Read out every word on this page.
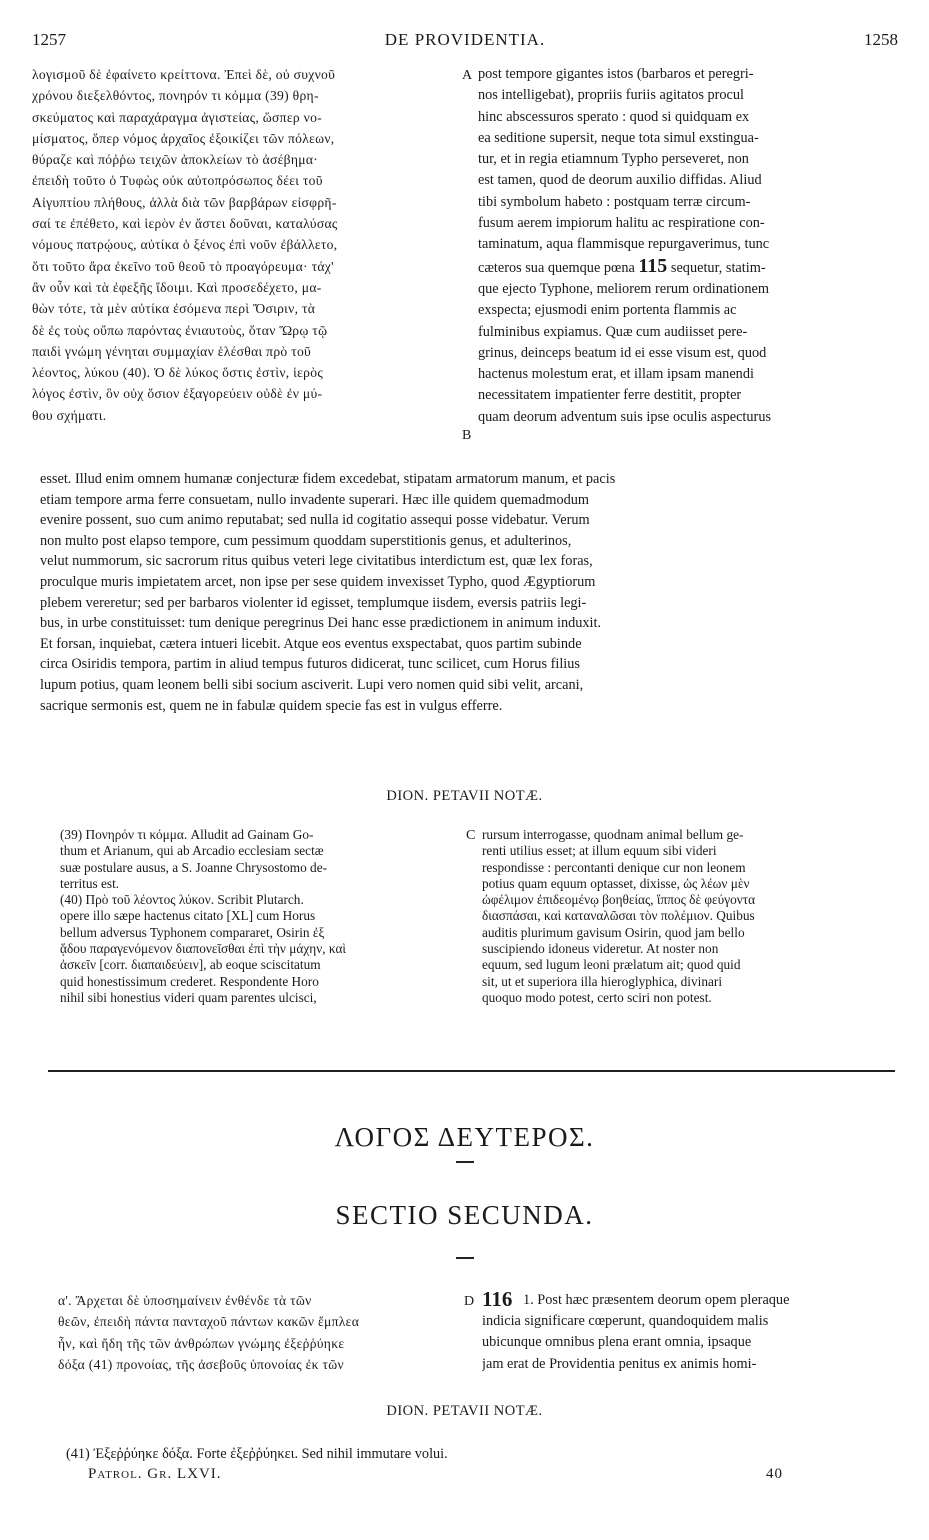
1257	DE PROVIDENTIA.	1258
λογισμοῦ δὲ ἐφαίνετο κρείττονα. Ἐπεὶ δὲ, οὐ συχνοῦ
χρόνου διεξελθόντος, πονηρόν τι κόμμα (39) θρη-
σκεύματος καὶ παραχάραγμα ἀγιστείας, ὥσπερ νο-
μίσματος, ὅπερ νόμος ἀρχαῖος ἐξοικίζει τῶν πόλεων,
θύραζε καὶ πόῤῥω τειχῶν ἀποκλείων τὸ ἀσέβημα·
ἐπειδὴ τοῦτο ὁ Τυφὼς οὐκ αὐτοπρόσωπος δέει τοῦ
Αἰγυπτίου πλήθους, ἀλλὰ διὰ τῶν βαρβάρων εἰσφρῆ-
σαί τε ἐπέθετο, καὶ ἱερὸν ἐν ἄστει δοῦναι, καταλύσας
νόμους πατρῴους, αὐτίκα ὁ ξένος ἐπὶ νοῦν ἐβάλλετο,
ὅτι τοῦτο ἄρα ἐκεῖνο τοῦ θεοῦ τὸ προαγόρευμα· τάχ'
ἂν οὖν καὶ τὰ ἐφεξῆς ἴδοιμι. Καὶ προσεδέχετο, μα-
θὼν τότε, τὰ μὲν αὐτίκα ἐσόμενα περὶ Ὄσιριν, τὰ
δὲ ἐς τοὺς οὔπω παρόντας ἐνιαυτοὺς, ὅταν Ὥρῳ τῷ
παιδὶ γνώμη γένηται συμμαχίαν ἑλέσθαι πρὸ τοῦ
λέοντος, λύκου (40). Ὁ δὲ λύκος ὅστις ἐστὶν, ἱερὸς
λόγος ἐστὶν, ὃν οὐχ ὅσιον ἐξαγορεύειν οὐδὲ ἐν μύ-
θου σχήματι.
A
B
post tempore gigantes istos (barbaros et peregri-
nos intelligebat), propriis furiis agitatos procul
hinc abscessuros sperato : quod si quidquam ex
ea seditione supersit, neque tota simul exstingua-
tur, et in regia etiamnum Typho perseveret, non
est tamen, quod de deorum auxilio diffidas. Aliud
tibi symbolum habeto : postquam terræ circum-
fusum aerem impiorum halitu ac respiratione con-
taminatum, aqua flammisque repurgaverimus, tunc
cæteros sua quemque pœna 115 sequetur, statim-
que ejecto Typhone, meliorem rerum ordinationem
exspecta; ejusmodi enim portenta flammis ac
fulminibus expiamus. Quæ cum audiisset pere-
grinus, deinceps beatum id ei esse visum est, quod
hactenus molestum erat, et illam ipsam manendi
necessitatem impatienter ferre destitit, propter
quam deorum adventum suis ipse oculis aspecturus
esset. Illud enim omnem humanæ conjecturæ fidem excedebat, stipatam armatorum manum, et pacis
etiam tempore arma ferre consuetam, nullo invadente superari. Hæc ille quidem quemadmodum
evenire possent, suo cum animo reputabat; sed nulla id cogitatio assequi posse videbatur. Verum
non multo post elapso tempore, cum pessimum quoddam superstitionis genus, et adulterinos,
velut nummorum, sic sacrorum ritus quibus veteri lege civitatibus interdictum est, quæ lex foras,
proculque muris impietatem arcet, non ipse per sese quidem invexisset Typho, quod Ægyptiorum
plebem vereretur; sed per barbaros violenter id egisset, templumque iisdem, eversis patriis legi-
bus, in urbe constituisset: tum denique peregrinus Dei hanc esse prædictionem in animum induxit.
Et forsan, inquiebat, cætera intueri licebit. Atque eos eventus exspectabat, quos partim subinde
circa Osiridis tempora, partim in aliud tempus futuros didicerat, tunc scilicet, cum Horus filius
lupum potius, quam leonem belli sibi socium asciverit. Lupi vero nomen quid sibi velit, arcani,
sacrique sermonis est, quem ne in fabulæ quidem specie fas est in vulgus efferre.
DION. PETAVII NOTÆ.
(39) Πονηρόν τι κόμμα. Alludit ad Gainam Go-
thum et Arianum, qui ab Arcadio ecclesiam sectæ
suæ postulare ausus, a S. Joanne Chrysostomo de-
territus est.
(40) Πρὸ τοῦ λέοντος λύκον. Scribit Plutarch.
opere illo sæpe hactenus citato [XL] cum Horus
bellum adversus Typhonem compararet, Osirin ἐξ
ᾅδου παραγενόμενον διαπονεῖσθαι ἐπὶ τὴν μάχην, καὶ
ἀσκεῖν [corr. διαπαιδεύειν], ab eoque sciscitatum
quid honestissimum crederet. Respondente Horo
nihil sibi honestius videri quam parentes ulcisci,
C rursum interrogasse, quodnam animal bellum ge-
renti utilius esset; at illum equum sibi videri
respondisse : percontanti denique cur non leonem
potius quam equum optasset, dixisse, ὡς λέων μὲν
ὠφέλιμον ἐπιδεομένῳ βοηθείας, ἵππος δὲ φεύγοντα
διασπάσαι, καὶ καταναλῶσαι τὸν πολέμιον. Quibus
auditis plurimum gavisum Osirin, quod jam bello
suscipiendo idoneus videretur. At noster non
equum, sed lugum leoni prælatum ait; quod quid
sit, ut et superiora illa hieroglyphica, divinari
quoquo modo potest, certo sciri non potest.
ΛΟΓΟΣ ΔΕΥΤΕΡΟΣ.
SECTIO SECUNDA.
α'. Ἄρχεται δὲ ὑποσημαίνειν ἐνθένδε τὰ τῶν
θεῶν, ἐπειδὴ πάντα πανταχοῦ πάντων κακῶν ἔμπλεα
ἦν, καὶ ἤδη τῆς τῶν ἀνθρώπων γνώμης ἐξεῤῥύηκε
δόξα (41) προνοίας, τῆς ἀσεβοῦς ὑπονοίας ἐκ τῶν
D 116 1. Post hæc præsentem deorum opem pleraque
indicia significare cœperunt, quandoquidem malis
ubicunque omnibus plena erant omnia, ipsaque
jam erat de Providentia penitus ex animis homi-
DION. PETAVII NOTÆ.
(41) Ἐξεῤῥύηκε δόξα. Forte ἐξεῤῥύηκει. Sed nihil immutare volui.
Patrol. Gr. LXVI.	40
